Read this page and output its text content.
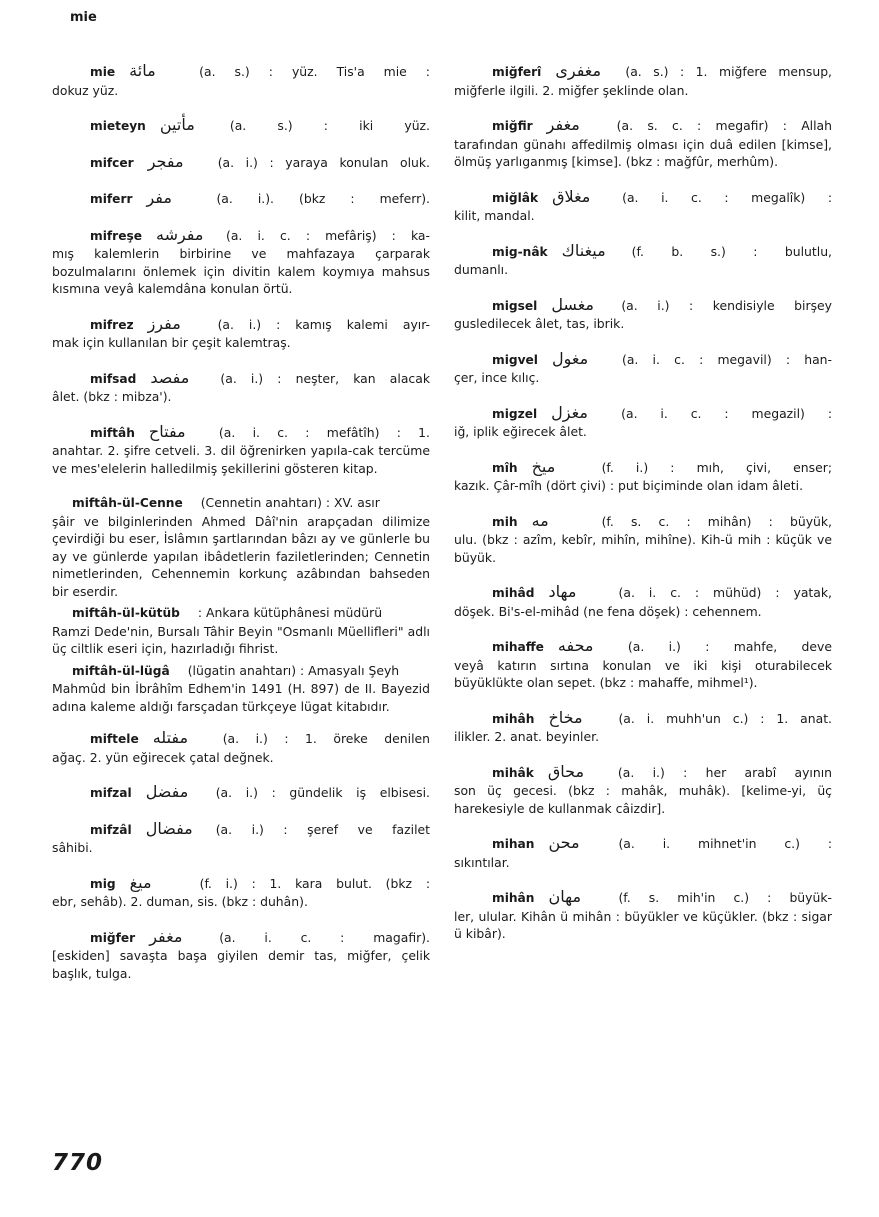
mie
mie مائة	(a. s.) : yüz. Tis'a mie :
dokuz yüz.
mieteyn مأتين	(a. s.) : iki yüz.
mifcer مفجر	(a. i.) : yaraya konulan oluk.
miferr مفر	(a. i.). (bkz : meferr).
mifreşe مفرشه	(a. i. c. : mefâriş) : ka-
mış kalemlerin birbirine ve mahfazaya çarparak bozulmalarını önlemek için divitin kalem koymıya mahsus kısmına veyâ kalemdâna konulan örtü.
mifrez مفرز	(a. i.) : kamış kalemi ayır-
mak için kullanılan bir çeşit kalemtraş.
mifsad مفصد	(a. i.) : neşter, kan alacak
âlet. (bkz : mibza').
miftâh مفتاح	(a. i. c. : mefâtîh) : 1.
anahtar. 2. şifre cetveli. 3. dil öğrenirken yapıla-cak tercüme ve mes'elelerin halledilmiş şekillerini gösteren kitap.
miftâh-ül-Cenne	(Cennetin anahtarı) : XV. asır
şâir ve bilginlerinden Ahmed Dâî'nin arapçadan dilimize çevirdiği bu eser, İslâmın şartlarından bâzı ay ve günlerle bu ay ve günlerde yapılan ibâdetlerin faziletlerinden; Cennetin nimetlerinden, Cehennemin korkunç azâbından bahseden bir eserdir.
miftâh-ül-kütüb	: Ankara kütüphânesi müdürü
Ramzi Dede'nin, Bursalı Tâhir Beyin "Osmanlı Müellifleri" adlı üç ciltlik eseri için, hazırladığı fihrist.
miftâh-ül-lügâ	(lügatin anahtarı) : Amasyalı Şeyh
Mahmûd bin İbrâhîm Edhem'in 1491 (H. 897) de II. Bayezid adına kaleme aldığı farsçadan türkçeye lügat kitabıdır.
miftele مفتله	(a. i.) : 1. öreke denilen
ağaç. 2. yün eğirecek çatal değnek.
mifzal مفضل	(a. i.) : gündelik iş elbisesi.
mifzâl مفضال	(a. i.) : şeref ve fazilet
sâhibi.
mig میغ	(f. i.) : 1. kara bulut. (bkz :
ebr, sehâb). 2. duman, sis. (bkz : duhân).
miğfer مغفر	(a. i. c. : magafir).
[eskiden] savaşta başa giyilen demir tas, miğfer, çelik başlık, tulga.
miğferî مغفری	(a. s.) : 1. miğfere mensup,
miğferle ilgili. 2. miğfer şeklinde olan.
miğfir مغفر	(a. s. c. : megafir) : Allah
tarafından günahı affedilmiş olması için duâ edilen [kimse], ölmüş yarlıganmış [kimse]. (bkz : mağfûr, merhûm).
miğlâk مغلاق	(a. i. c. : megalîk) :
kilit, mandal.
mig-nâk میغناك	(f. b. s.) : bulutlu,
dumanlı.
migsel مغسل	(a. i.) : kendisiyle birşey
gusledilecek âlet, tas, ibrik.
migvel مغول	(a. i. c. : megavil) : han-
çer, ince kılıç.
migzel مغزل	(a. i. c. : megazil) :
iğ, iplik eğirecek âlet.
mîh میخ	(f. i.) : mıh, çivi, enser;
kazık. Çâr-mîh (dört çivi) : put biçiminde olan idam âleti.
mih مه	(f. s. c. : mihân) : büyük,
ulu. (bkz : azîm, kebîr, mihîn, mihîne). Kih-ü mih : küçük ve büyük.
mihâd مهاد	(a. i. c. : mühüd) : yatak,
döşek. Bi's-el-mihâd (ne fena döşek) : cehennem.
mihaffe محفه	(a. i.) : mahfe, deve
veyâ katırın sırtına konulan ve iki kişi oturabilecek büyüklükte olan sepet. (bkz : mahaffe, mihmel¹).
mihâh مخاخ	(a. i. muhh'un c.) : 1. anat.
ilikler. 2. anat. beyinler.
mihâk محاق	(a. i.) : her arabî ayının
son üç gecesi. (bkz : mahâk, muhâk). [kelime-yi, üç harekesiyle de kullanmak câizdir].
mihan محن	(a. i. mihnet'in c.) :
sıkıntılar.
mihân مهان	(f. s. mih'in c.) : büyük-
ler, ulular. Kihân ü mihân : büyükler ve küçükler. (bkz : sigar ü kibâr).
770
